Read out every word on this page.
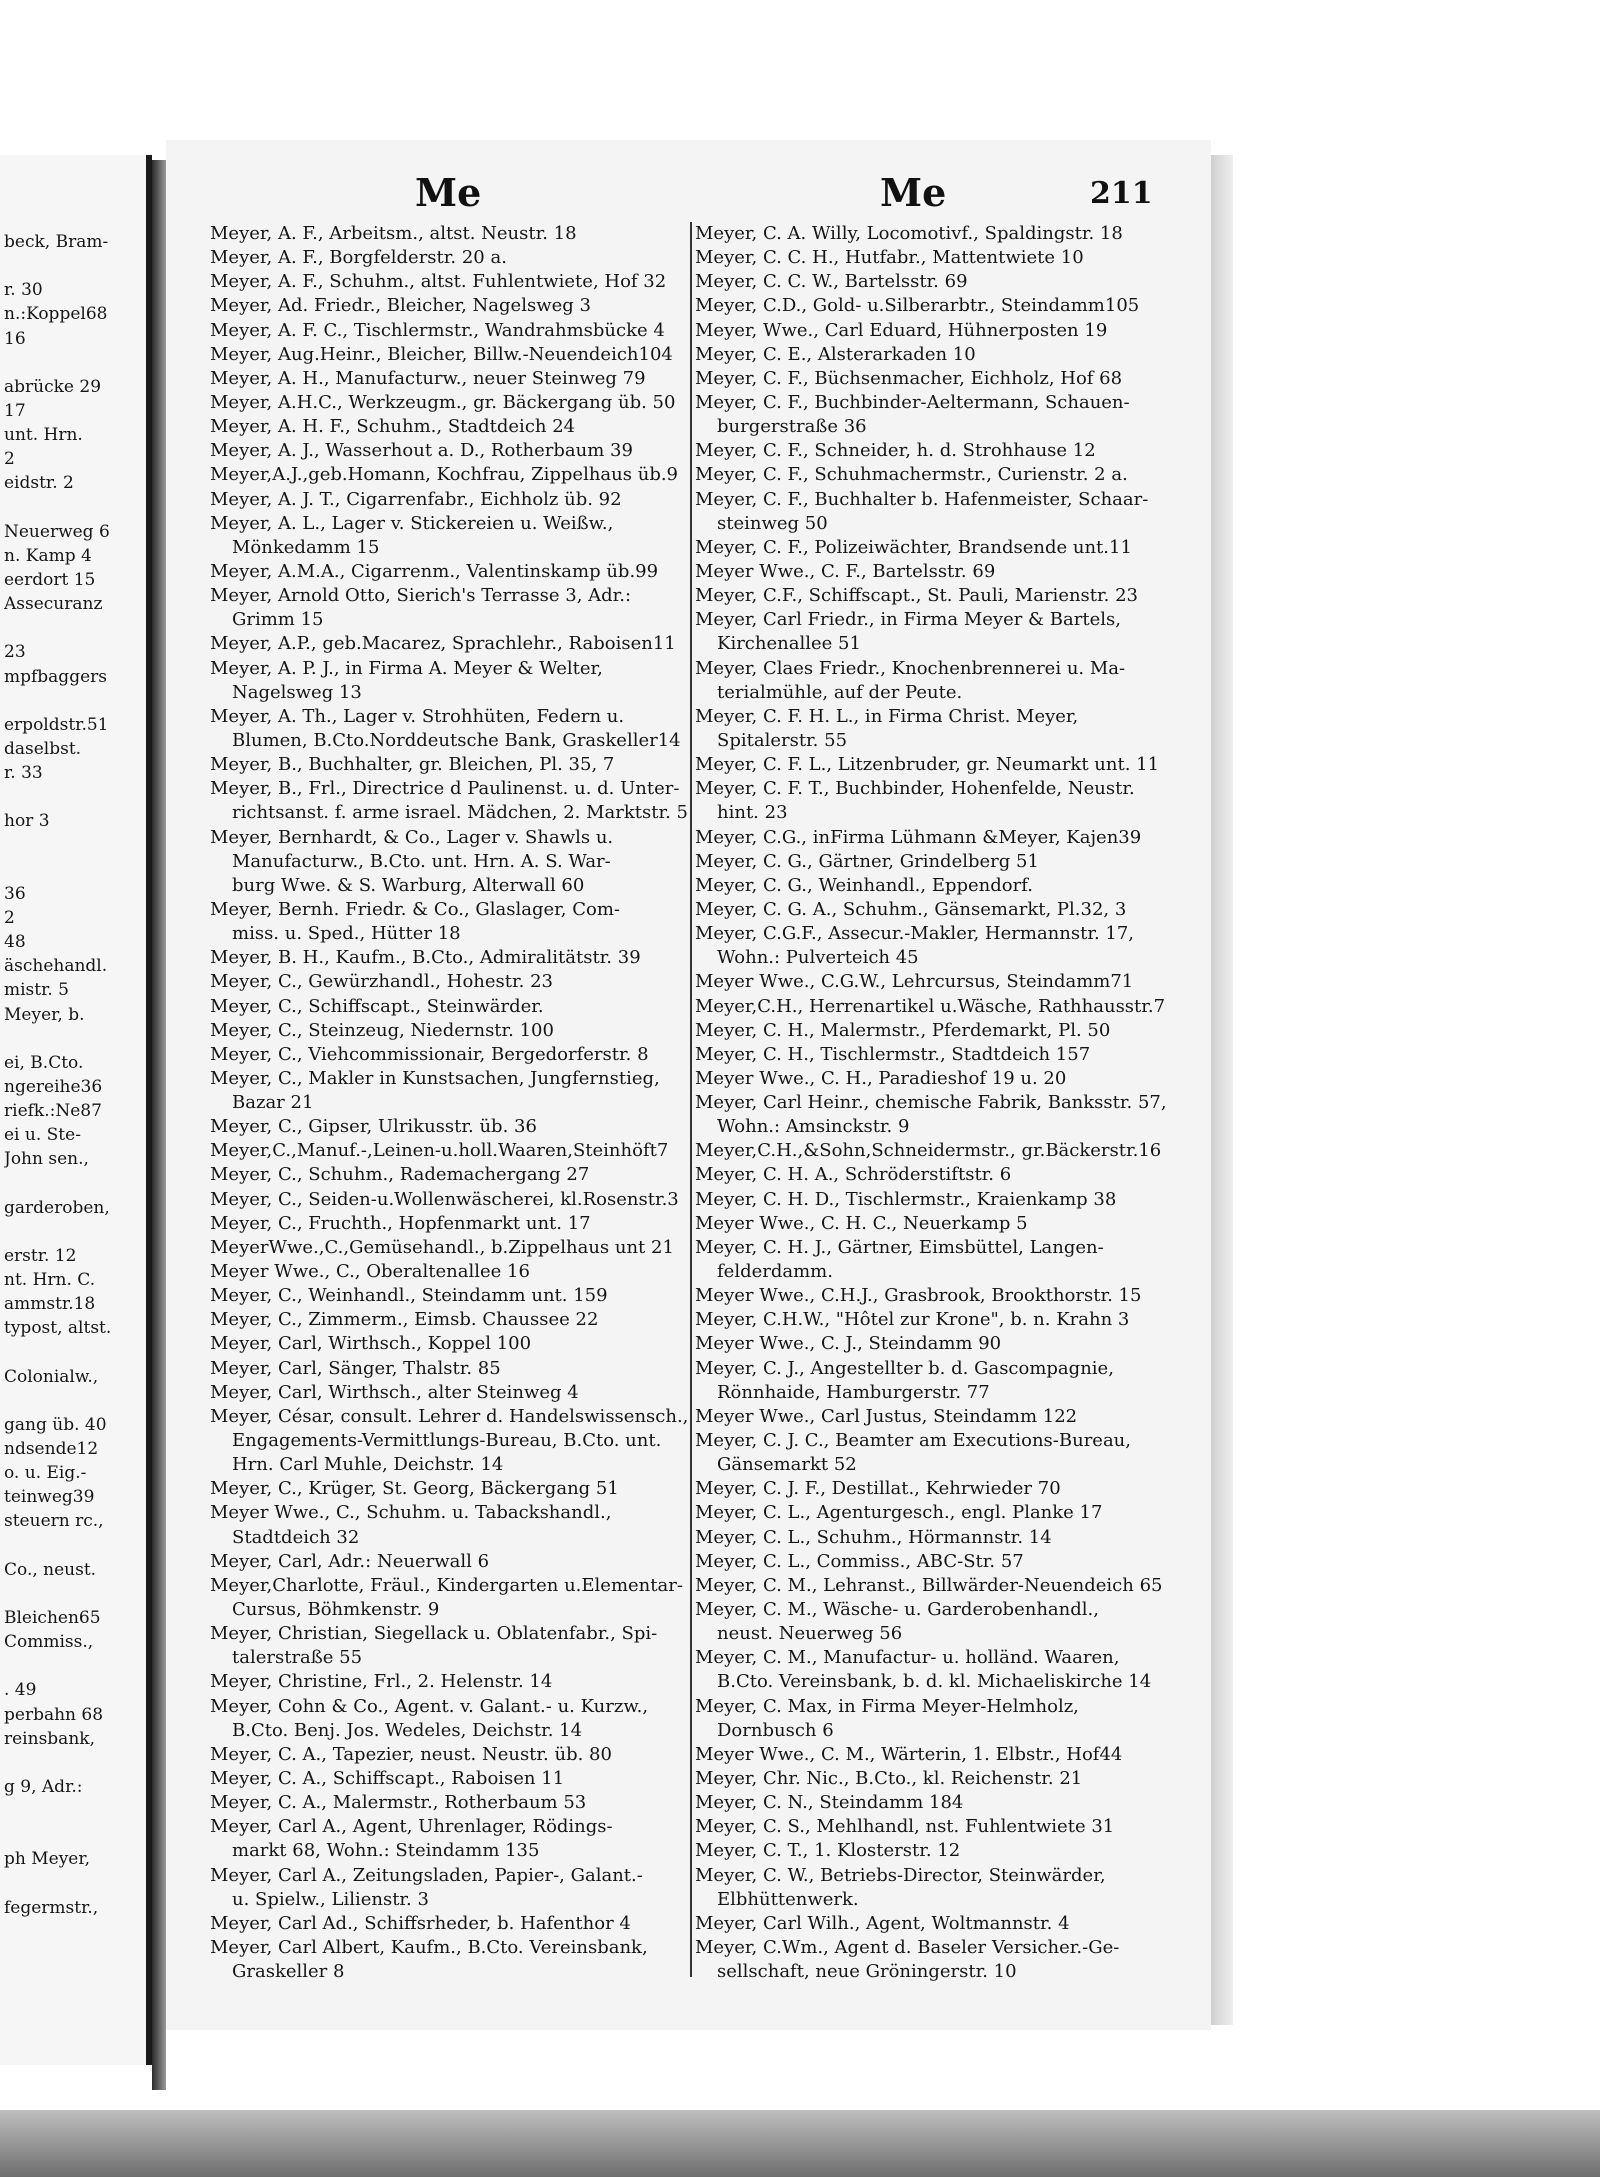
beck, Bram-
r. 30
n.:Koppel68
16
abrücke 29
17
unt. Hrn.
2
eidstr. 2
Neuerweg 6
n. Kamp 4
eerdort 15
Assecuranz
23
mpfbaggers
erpoldstr.51
daselbst.
r. 33
hor 3
36
2
48
äschehandl.
mistr. 5
Meyer, b.
ei, B.Cto.
ngereihe36
riefk.:Ne87
ei u. Ste-
John sen.,
garderoben,
erstr. 12
nt. Hrn. C.
ammstr.18
typost, altst.
Colonialw.,
gang üb. 40
ndsende12
o. u. Eig.-
teinweg39
steuern rc.,
Co., neust.
Bleichen65
Commiss.,
. 49
perbahn 68
reinsbank,
g 9, Adr.:
ph Meyer,
fegermstr.,
Me	Me	211
Meyer, A. F., Arbeitsm., altst. Neustr. 18
Meyer, A. F., Borgfelderstr. 20 a.
Meyer, A. F., Schuhm., altst. Fuhlentwiete, Hof 32
Meyer, Ad. Friedr., Bleicher, Nagelsweg 3
Meyer, A. F. C., Tischlermstr., Wandrahmsbücke 4
Meyer, Aug.Heinr., Bleicher, Billw.-Neuendeich104
Meyer, A. H., Manufacturw., neuer Steinweg 79
Meyer, A.H.C., Werkzeugm., gr. Bäckergang üb. 50
Meyer, A. H. F., Schuhm., Stadtdeich 24
Meyer, A. J., Wasserhout a. D., Rotherbaum 39
Meyer,A.J.,geb.Homann, Kochfrau, Zippelhaus üb.9
Meyer, A. J. T., Cigarrenfabr., Eichholz üb. 92
Meyer, A. L., Lager v. Stickereien u. Weißw.,
Mönkedamm 15
Meyer, A.M.A., Cigarrenm., Valentinskamp üb.99
Meyer, Arnold Otto, Sierich's Terrasse 3, Adr.:
Grimm 15
Meyer, A.P., geb.Macarez, Sprachlehr., Raboisen11
Meyer, A. P. J., in Firma A. Meyer & Welter,
Nagelsweg 13
Meyer, A. Th., Lager v. Strohhüten, Federn u.
Blumen, B.Cto.Norddeutsche Bank, Graskeller14
Meyer, B., Buchhalter, gr. Bleichen, Pl. 35, 7
Meyer, B., Frl., Directrice d Paulinenst. u. d. Unter-
richtsanst. f. arme israel. Mädchen, 2. Marktstr. 5
Meyer, Bernhardt, & Co., Lager v. Shawls u.
Manufacturw., B.Cto. unt. Hrn. A. S. War-
burg Wwe. & S. Warburg, Alterwall 60
Meyer, Bernh. Friedr. & Co., Glaslager, Com-
miss. u. Sped., Hütter 18
Meyer, B. H., Kaufm., B.Cto., Admiralitätstr. 39
Meyer, C., Gewürzhandl., Hohestr. 23
Meyer, C., Schiffscapt., Steinwärder.
Meyer, C., Steinzeug, Niedernstr. 100
Meyer, C., Viehcommissionair, Bergedorferstr. 8
Meyer, C., Makler in Kunstsachen, Jungfernstieg,
Bazar 21
Meyer, C., Gipser, Ulrikusstr. üb. 36
Meyer,C.,Manuf.-,Leinen-u.holl.Waaren,Steinhöft7
Meyer, C., Schuhm., Rademachergang 27
Meyer, C., Seiden-u.Wollenwäscherei, kl.Rosenstr.3
Meyer, C., Fruchth., Hopfenmarkt unt. 17
MeyerWwe.,C.,Gemüsehandl., b.Zippelhaus unt 21
Meyer Wwe., C., Oberaltenallee 16
Meyer, C., Weinhandl., Steindamm unt. 159
Meyer, C., Zimmerm., Eimsb. Chaussee 22
Meyer, Carl, Wirthsch., Koppel 100
Meyer, Carl, Sänger, Thalstr. 85
Meyer, Carl, Wirthsch., alter Steinweg 4
Meyer, César, consult. Lehrer d. Handelswissensch.,
Engagements-Vermittlungs-Bureau, B.Cto. unt.
Hrn. Carl Muhle, Deichstr. 14
Meyer, C., Krüger, St. Georg, Bäckergang 51
Meyer Wwe., C., Schuhm. u. Tabackshandl.,
Stadtdeich 32
Meyer, Carl, Adr.: Neuerwall 6
Meyer,Charlotte, Fräul., Kindergarten u.Elementar-
Cursus, Böhmkenstr. 9
Meyer, Christian, Siegellack u. Oblatenfabr., Spi-
talerstraße 55
Meyer, Christine, Frl., 2. Helenstr. 14
Meyer, Cohn & Co., Agent. v. Galant.- u. Kurzw.,
B.Cto. Benj. Jos. Wedeles, Deichstr. 14
Meyer, C. A., Tapezier, neust. Neustr. üb. 80
Meyer, C. A., Schiffscapt., Raboisen 11
Meyer, C. A., Malermstr., Rotherbaum 53
Meyer, Carl A., Agent, Uhrenlager, Rödings-
markt 68, Wohn.: Steindamm 135
Meyer, Carl A., Zeitungsladen, Papier-, Galant.-
u. Spielw., Lilienstr. 3
Meyer, Carl Ad., Schiffsrheder, b. Hafenthor 4
Meyer, Carl Albert, Kaufm., B.Cto. Vereinsbank,
Graskeller 8
Meyer, C. A. Willy, Locomotivf., Spaldingstr. 18
Meyer, C. C. H., Hutfabr., Mattentwiete 10
Meyer, C. C. W., Bartelsstr. 69
Meyer, C.D., Gold- u.Silberarbtr., Steindamm105
Meyer, Wwe., Carl Eduard, Hühnerposten 19
Meyer, C. E., Alsterarkaden 10
Meyer, C. F., Büchsenmacher, Eichholz, Hof 68
Meyer, C. F., Buchbinder-Aeltermann, Schauen-
burgerstraße 36
Meyer, C. F., Schneider, h. d. Strohhause 12
Meyer, C. F., Schuhmachermstr., Curienstr. 2 a.
Meyer, C. F., Buchhalter b. Hafenmeister, Schaar-
steinweg 50
Meyer, C. F., Polizeiwächter, Brandsende unt.11
Meyer Wwe., C. F., Bartelsstr. 69
Meyer, C.F., Schiffscapt., St. Pauli, Marienstr. 23
Meyer, Carl Friedr., in Firma Meyer & Bartels,
Kirchenallee 51
Meyer, Claes Friedr., Knochenbrennerei u. Ma-
terialmühle, auf der Peute.
Meyer, C. F. H. L., in Firma Christ. Meyer,
Spitalerstr. 55
Meyer, C. F. L., Litzenbruder, gr. Neumarkt unt. 11
Meyer, C. F. T., Buchbinder, Hohenfelde, Neustr.
hint. 23
Meyer, C.G., inFirma Lühmann &Meyer, Kajen39
Meyer, C. G., Gärtner, Grindelberg 51
Meyer, C. G., Weinhandl., Eppendorf.
Meyer, C. G. A., Schuhm., Gänsemarkt, Pl.32, 3
Meyer, C.G.F., Assecur.-Makler, Hermannstr. 17,
Wohn.: Pulverteich 45
Meyer Wwe., C.G.W., Lehrcursus, Steindamm71
Meyer,C.H., Herrenartikel u.Wäsche, Rathhausstr.7
Meyer, C. H., Malermstr., Pferdemarkt, Pl. 50
Meyer, C. H., Tischlermstr., Stadtdeich 157
Meyer Wwe., C. H., Paradieshof 19 u. 20
Meyer, Carl Heinr., chemische Fabrik, Banksstr. 57,
Wohn.: Amsinckstr. 9
Meyer,C.H.,&Sohn,Schneidermstr., gr.Bäckerstr.16
Meyer, C. H. A., Schröderstiftstr. 6
Meyer, C. H. D., Tischlermstr., Kraienkamp 38
Meyer Wwe., C. H. C., Neuerkamp 5
Meyer, C. H. J., Gärtner, Eimsbüttel, Langen-
felderdamm.
Meyer Wwe., C.H.J., Grasbrook, Brookthorstr. 15
Meyer, C.H.W., "Hôtel zur Krone", b. n. Krahn 3
Meyer Wwe., C. J., Steindamm 90
Meyer, C. J., Angestellter b. d. Gascompagnie,
Rönnhaide, Hamburgerstr. 77
Meyer Wwe., Carl Justus, Steindamm 122
Meyer, C. J. C., Beamter am Executions-Bureau,
Gänsemarkt 52
Meyer, C. J. F., Destillat., Kehrwieder 70
Meyer, C. L., Agenturgesch., engl. Planke 17
Meyer, C. L., Schuhm., Hörmannstr. 14
Meyer, C. L., Commiss., ABC-Str. 57
Meyer, C. M., Lehranst., Billwärder-Neuendeich 65
Meyer, C. M., Wäsche- u. Garderobenhandl.,
neust. Neuerweg 56
Meyer, C. M., Manufactur- u. holländ. Waaren,
B.Cto. Vereinsbank, b. d. kl. Michaeliskirche 14
Meyer, C. Max, in Firma Meyer-Helmholz,
Dornbusch 6
Meyer Wwe., C. M., Wärterin, 1. Elbstr., Hof44
Meyer, Chr. Nic., B.Cto., kl. Reichenstr. 21
Meyer, C. N., Steindamm 184
Meyer, C. S., Mehlhandl, nst. Fuhlentwiete 31
Meyer, C. T., 1. Klosterstr. 12
Meyer, C. W., Betriebs-Director, Steinwärder,
Elbhüttenwerk.
Meyer, Carl Wilh., Agent, Woltmannstr. 4
Meyer, C.Wm., Agent d. Baseler Versicher.-Ge-
sellschaft, neue Gröningerstr. 10
